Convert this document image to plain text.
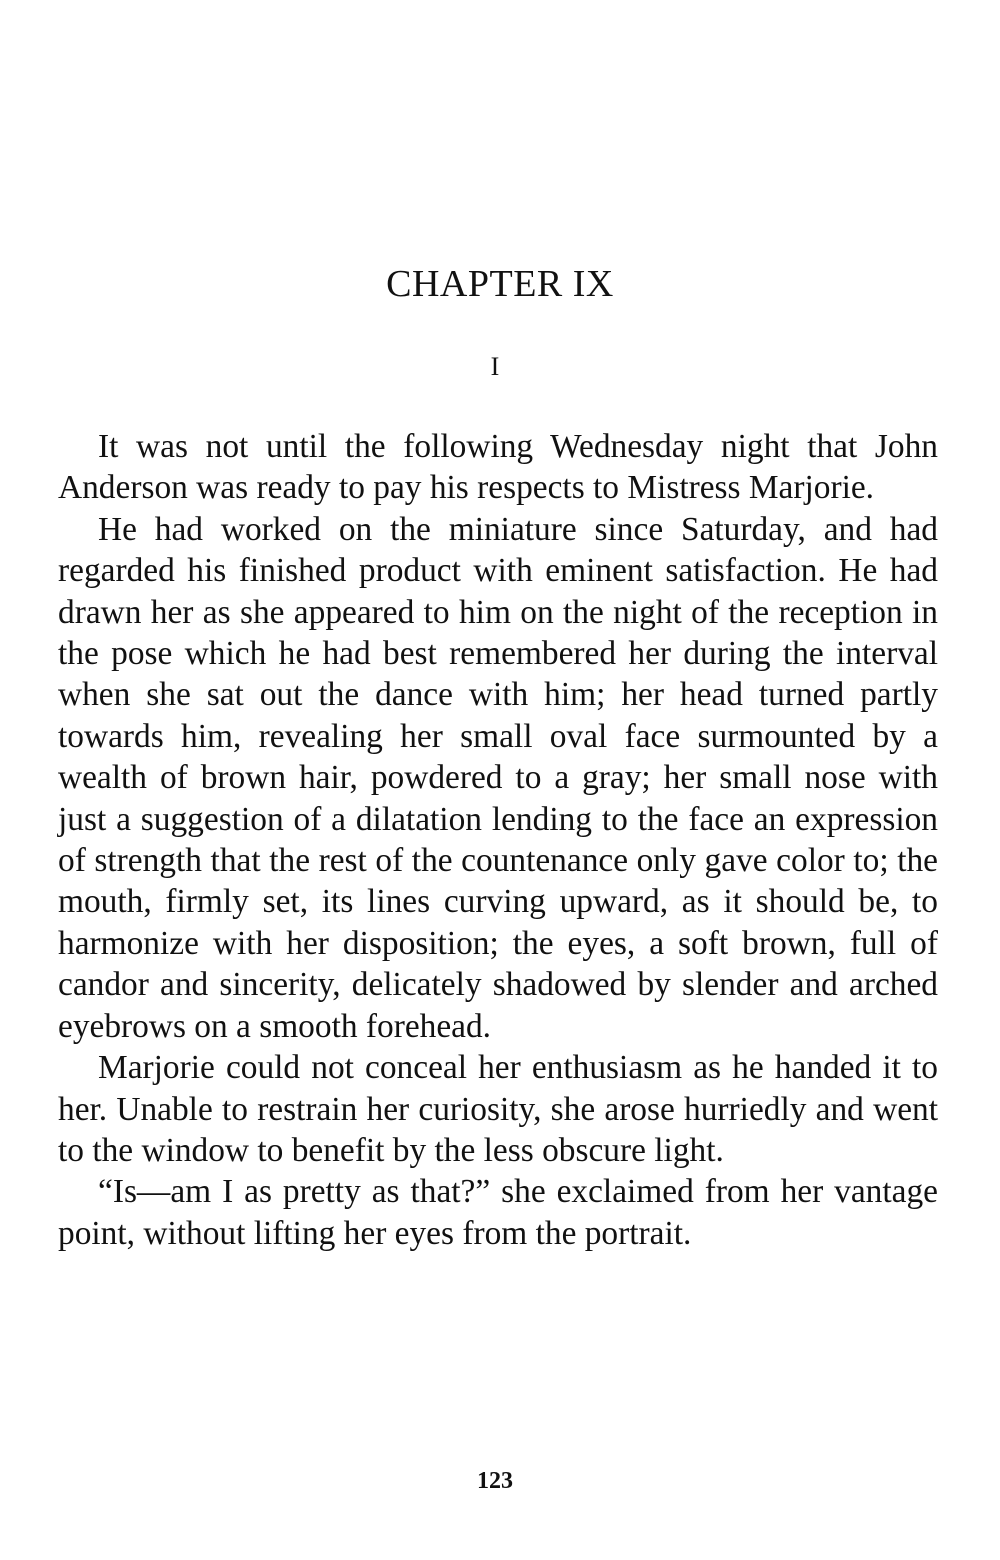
CHAPTER IX
I

It was not until the following Wednesday night that John Anderson was ready to pay his respects to Mistress Marjorie.

He had worked on the miniature since Saturday, and had regarded his finished product with eminent satisfaction. He had drawn her as she appeared to him on the night of the reception in the pose which he had best remembered her during the interval when she sat out the dance with him; her head turned partly towards him, revealing her small oval face surmounted by a wealth of brown hair, powdered to a gray; her small nose with just a suggestion of a dilatation lending to the face an expression of strength that the rest of the countenance only gave color to; the mouth, firmly set, its lines curving upward, as it should be, to harmonize with her disposition; the eyes, a soft brown, full of candor and sincerity, delicately shadowed by slender and arched eyebrows on a smooth forehead.

Marjorie could not conceal her enthusiasm as he handed it to her. Unable to restrain her curiosity, she arose hurriedly and went to the window to benefit by the less obscure light.

“Is—am I as pretty as that?” she exclaimed from her vantage point, without lifting her eyes from the portrait.

123
